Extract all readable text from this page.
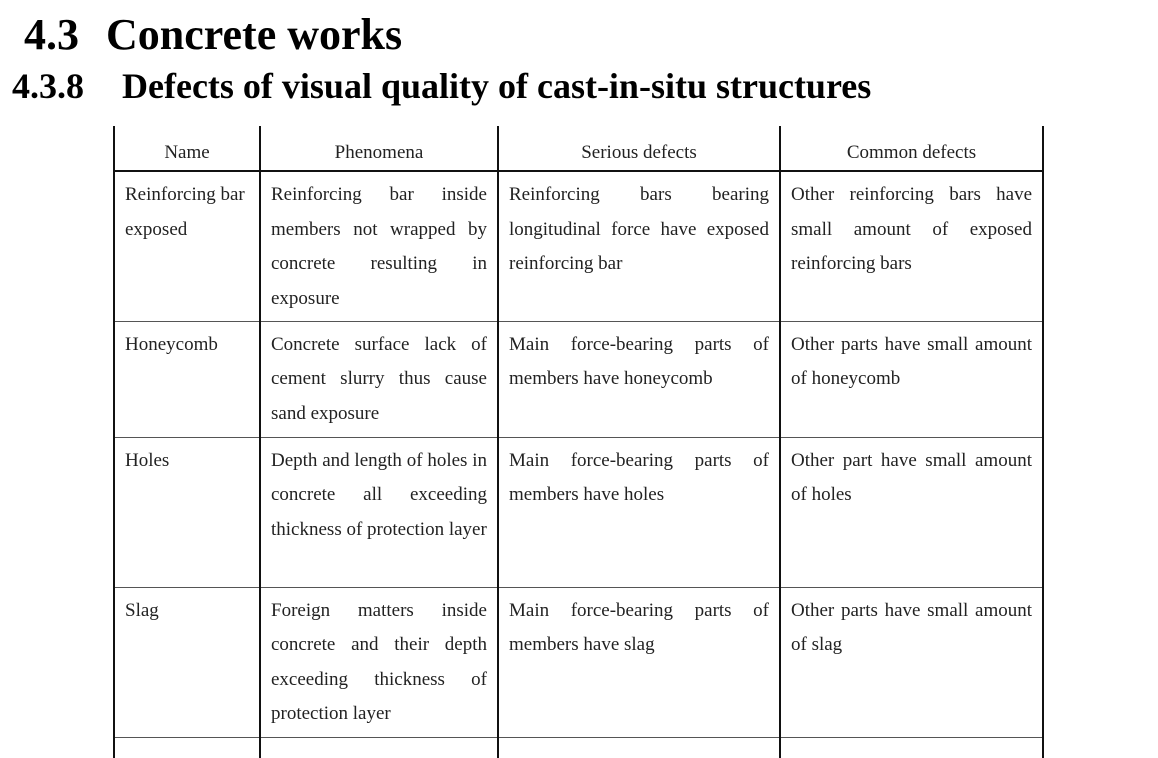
4.3 Concrete works
4.3.8 Defects of visual quality of cast-in-situ structures
Name	Phenomena	Serious defects	Common defects
Reinforcing bar exposed	Reinforcing bar inside members not wrapped by concrete resulting in exposure	Reinforcing bars bearing longitudinal force have exposed reinforcing bar	Other reinforcing bars have small amount of exposed reinforcing bars
Honeycomb	Concrete surface lack of cement slurry thus cause sand exposure	Main force-bearing parts of members have honeycomb	Other parts have small amount of honeycomb
Holes	Depth and length of holes in concrete all exceeding thickness of protection layer	Main force-bearing parts of members have holes	Other part have small amount of holes
Slag	Foreign matters inside concrete and their depth exceeding thickness of protection layer	Main force-bearing parts of members have slag	Other parts have small amount of slag
